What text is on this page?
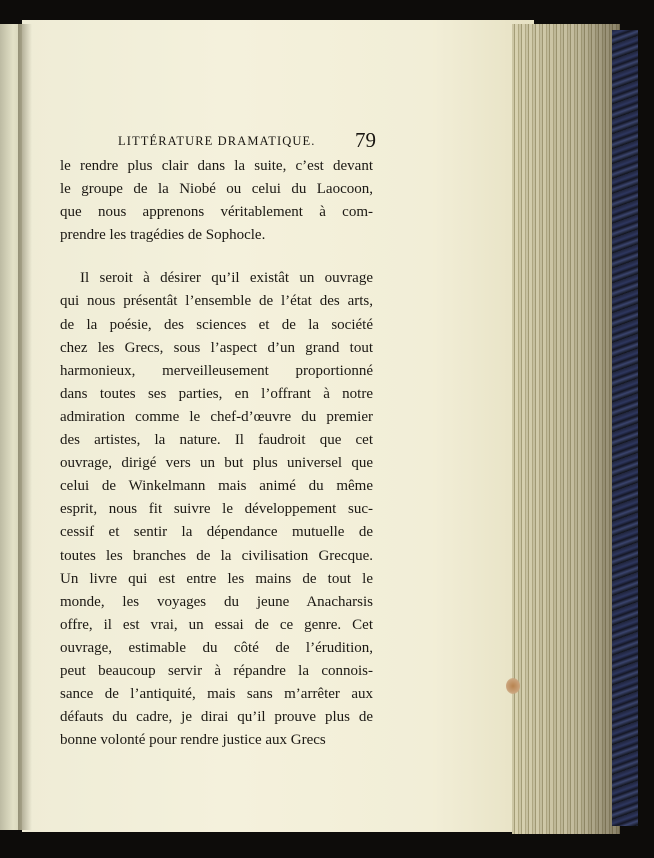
LITTÉRATURE DRAMATIQUE. 79
le rendre plus clair dans la suite, c’est devant
le groupe de la Niobé ou celui du Laocoon,
que nous apprenons véritablement à com-
prendre les tragédies de Sophocle.
Il seroit à désirer qu’il existât un ouvrage
qui nous présentât l’ensemble de l’état des arts,
de la poésie, des sciences et de la société
chez les Grecs, sous l’aspect d’un grand tout
harmonieux, merveilleusement proportionné
dans toutes ses parties, en l’offrant à notre
admiration comme le chef-d’œuvre du premier
des artistes, la nature. Il faudroit que cet
ouvrage, dirigé vers un but plus universel que
celui de Winkelmann mais animé du même
esprit, nous fit suivre le développement suc-
cessif et sentir la dépendance mutuelle de
toutes les branches de la civilisation Grecque.
Un livre qui est entre les mains de tout le
monde, les voyages du jeune Anacharsis
offre, il est vrai, un essai de ce genre. Cet
ouvrage, estimable du côté de l’érudition,
peut beaucoup servir à répandre la connois-
sance de l’antiquité, mais sans m’arrêter aux
défauts du cadre, je dirai qu’il prouve plus de
bonne volonté pour rendre justice aux Grecs
